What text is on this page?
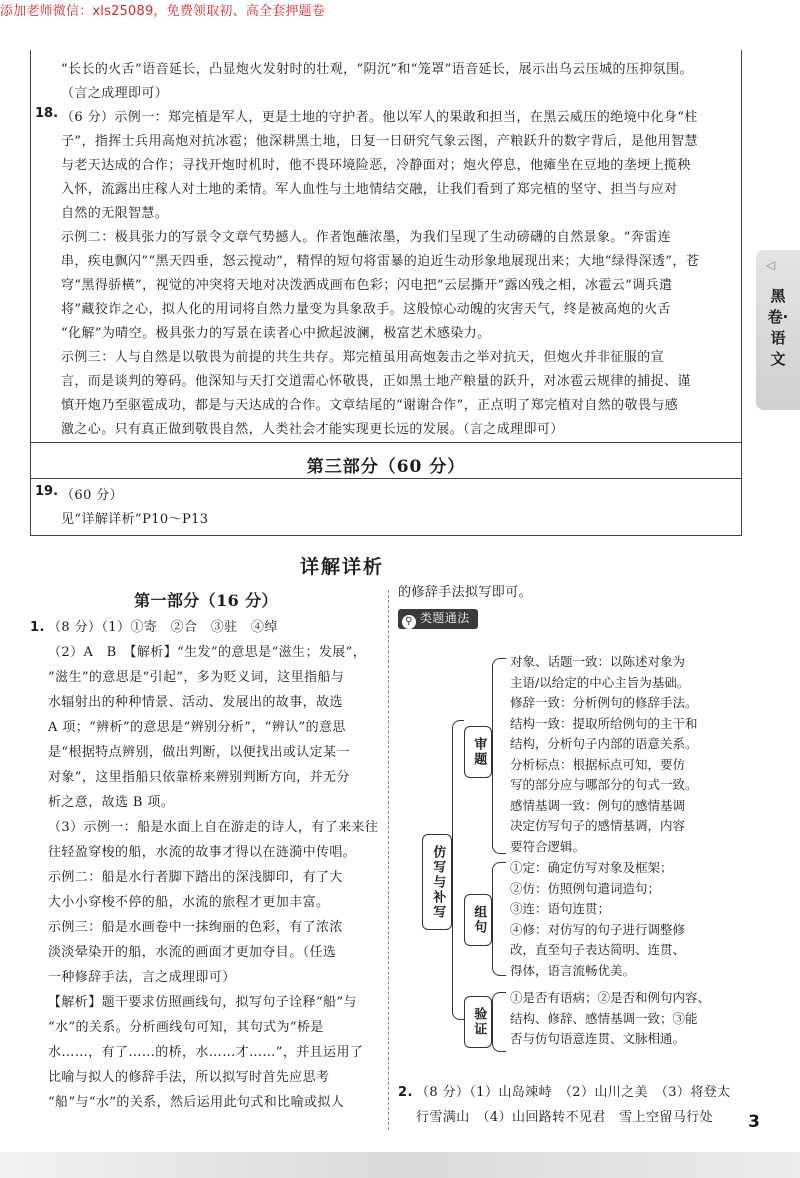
添加老师微信：xls25089，免费领取初、高全套押题卷
“长长的火舌”语音延长，凸显炮火发射时的壮观，“阴沉”和“笼罩”语音延长，展示出乌云压城的压抑氛围。
（言之成理即可）
18. （6 分）示例一：郑完植是军人，更是土地的守护者。他以军人的果敢和担当，在黑云威压的绝境中化身“柱
子”，指挥士兵用高炮对抗冰雹；他深耕黑土地，日复一日研究气象云图，产粮跃升的数字背后，是他用智慧
与老天达成的合作；寻找开炮时机时，他不畏环境险恶，冷静面对；炮火停息，他瘫坐在豆地的垄埂上揽秧
入怀，流露出庄稼人对土地的柔情。军人血性与土地情结交融，让我们看到了郑完植的坚守、担当与应对
自然的无限智慧。
示例二：极具张力的写景令文章气势撼人。作者饱蘸浓墨，为我们呈现了生动磅礴的自然景象。“奔雷连
串，疾电飘闪”“黑天四垂，怒云搅动”，精悍的短句将雷暴的迫近生动形象地展现出来；大地“绿得深透”，苍
穹“黑得骄横”，视觉的冲突将天地对决泼洒成画布色彩；闪电把“云层撕开”露凶残之相，冰雹云“调兵遣
将”藏狡诈之心，拟人化的用词将自然力量变为具象敌手。这般惊心动魄的灾害天气，终是被高炮的火舌
“化解”为晴空。极具张力的写景在读者心中掀起波澜，极富艺术感染力。
示例三：人与自然是以敬畏为前提的共生共存。郑完植虽用高炮轰击之举对抗天，但炮火并非征服的宣
言，而是谈判的筹码。他深知与天打交道需心怀敬畏，正如黑土地产粮量的跃升，对冰雹云规律的捕捉、谨
慎开炮乃至驱雹成功，都是与天达成的合作。文章结尾的“谢谢合作”，正点明了郑完植对自然的敬畏与感
激之心。只有真正做到敬畏自然，人类社会才能实现更长远的发展。（言之成理即可）
第三部分（60 分）
19. （60 分）
见“详解详析”P10～P13
◁
黑卷·语文
详解详析
第一部分（16 分）
1. （8 分）（1）①寄　②合　③驻　④绰
（2）A　B　【解析】“生发”的意思是“滋生；发展”，
“滋生”的意思是“引起”，多为贬义词，这里指船与
水辐射出的种种情景、活动、发展出的故事，故选
A 项；“辨析”的意思是“辨别分析”，“辨认”的意思
是“根据特点辨别，做出判断，以便找出或认定某一
对象”，这里指船只依靠桥来辨别判断方向，并无分
析之意，故选 B 项。
（3）示例一：船是水面上自在游走的诗人，有了来来往
往轻盈穿梭的船，水流的故事才得以在涟漪中传唱。
示例二：船是水行者脚下踏出的深浅脚印，有了大
大小小穿梭不停的船，水流的旅程才更加丰富。
示例三：船是水画卷中一抹绚丽的色彩，有了浓浓
淡淡晕染开的船，水流的画面才更加夺目。（任选
一种修辞手法，言之成理即可）
【解析】题干要求仿照画线句，拟写句子诠释“船”与
“水”的关系。分析画线句可知，其句式为“桥是
水……，有了……的桥，水……才……”，并且运用了
比喻与拟人的修辞手法，所以拟写时首先应思考
“船”与“水”的关系，然后运用此句式和比喻或拟人
的修辞手法拟写即可。
⚲ 类题通法
仿写与补写
审题
对象、话题一致：以陈述对象为
主语/以给定的中心主旨为基础。
修辞一致：分析例句的修辞手法。
结构一致：提取所给例句的主干和
结构，分析句子内部的语意关系。
分析标点：根据标点可知，要仿
写的部分应与哪部分的句式一致。
感情基调一致：例句的感情基调
决定仿写句子的感情基调，内容
要符合逻辑。
组句
①定：确定仿写对象及框架；
②仿：仿照例句遣词造句；
③连：语句连贯；
④修：对仿写的句子进行调整修
改，直至句子表达简明、连贯、
得体，语言流畅优美。
验证
①是否有语病；②是否和例句内容、
结构、修辞、感情基调一致；③能
否与仿句语意连贯、文脉相通。
2. （8 分）（1）山岛竦峙　（2）山川之美　（3）将登太
行雪满山　（4）山回路转不见君　雪上空留马行处	3
